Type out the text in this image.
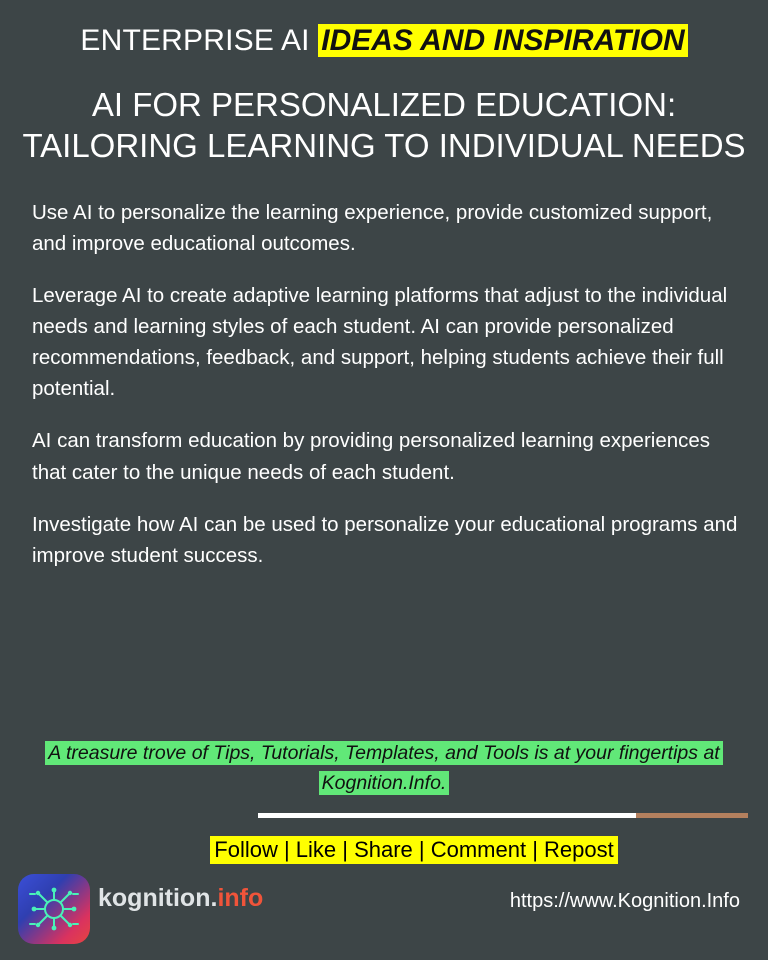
ENTERPRISE AI IDEAS AND INSPIRATION
AI FOR PERSONALIZED EDUCATION: TAILORING LEARNING TO INDIVIDUAL NEEDS

Use AI to personalize the learning experience, provide customized support, and improve educational outcomes.

Leverage AI to create adaptive learning platforms that adjust to the individual needs and learning styles of each student. AI can provide personalized recommendations, feedback, and support, helping students achieve their full potential.

AI can transform education by providing personalized learning experiences that cater to the unique needs of each student.

Investigate how AI can be used to personalize your educational programs and improve student success.

A treasure trove of Tips, Tutorials, Templates, and Tools is at your fingertips at Kognition.Info.
Follow | Like | Share | Comment | Repost
kognition.info	https://www.Kognition.Info
